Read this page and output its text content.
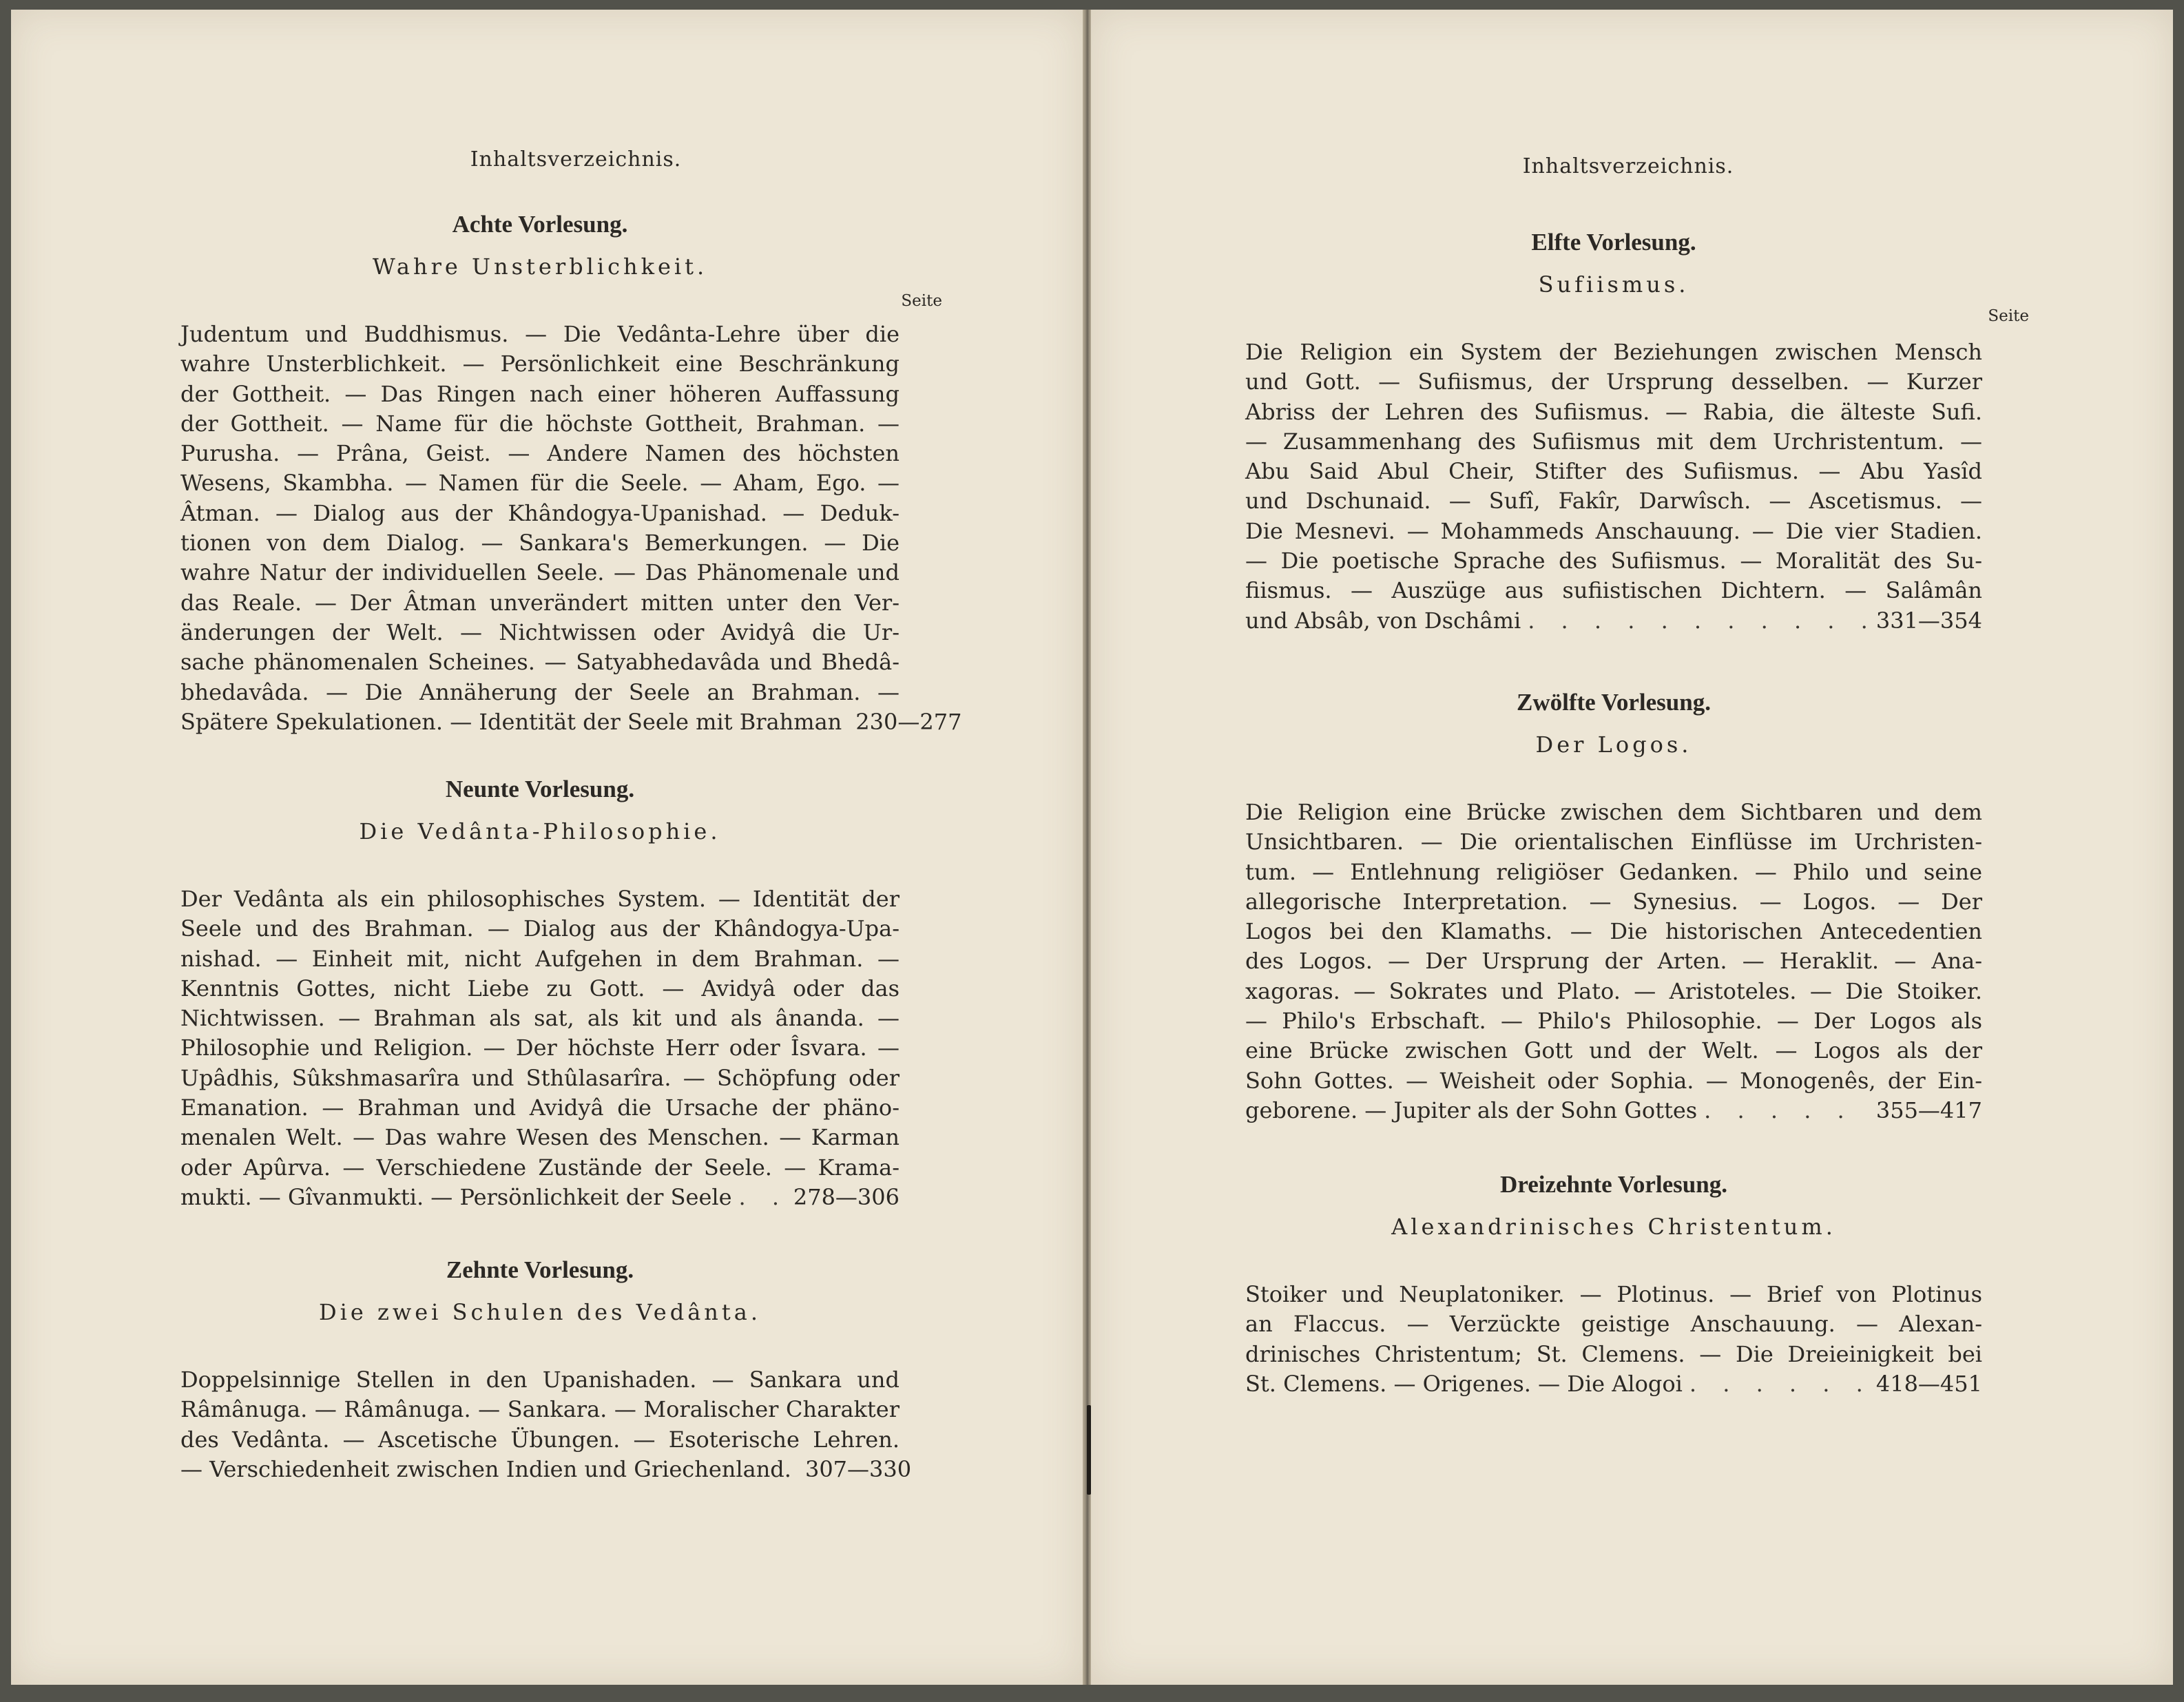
Inhaltsverzeichnis.
Achte Vorlesung.
Wahre Unsterblichkeit.
Seite
Judentum und Buddhismus. — Die Vedânta-Lehre über die
wahre Unsterblichkeit. — Persönlichkeit eine Beschränkung
der Gottheit. — Das Ringen nach einer höheren Auffassung
der Gottheit. — Name für die höchste Gottheit, Brahman. —
Purusha. — Prâna, Geist. — Andere Namen des höchsten
Wesens, Skambha. — Namen für die Seele. — Aham, Ego. —
Âtman. — Dialog aus der Khândogya-Upanishad. — Deduk-
tionen von dem Dialog. — Sankara's Bemerkungen. — Die
wahre Natur der individuellen Seele. — Das Phänomenale und
das Reale. — Der Âtman unverändert mitten unter den Ver-
änderungen der Welt. — Nichtwissen oder Avidyâ die Ur-
sache phänomenalen Scheines. — Satyabhedavâda und Bhedâ-
bhedavâda. — Die Annäherung der Seele an Brahman. —
Spätere Spekulationen. — Identität der Seele mit Brahman 230—277
Neunte Vorlesung.
Die Vedânta-Philosophie.
Der Vedânta als ein philosophisches System. — Identität der
Seele und des Brahman. — Dialog aus der Khândogya-Upa-
nishad. — Einheit mit, nicht Aufgehen in dem Brahman. —
Kenntnis Gottes, nicht Liebe zu Gott. — Avidyâ oder das
Nichtwissen. — Brahman als sat, als kit und als ânanda. —
Philosophie und Religion. — Der höchste Herr oder Îsvara. —
Upâdhis, Sûkshmasarîra und Sthûlasarîra. — Schöpfung oder
Emanation. — Brahman und Avidyâ die Ursache der phäno-
menalen Welt. — Das wahre Wesen des Menschen. — Karman
oder Apûrva. — Verschiedene Zustände der Seele. — Krama-
mukti. — Gîvanmukti. — Persönlichkeit der Seele . . .	278—306
Zehnte Vorlesung.
Die zwei Schulen des Vedânta.
Doppelsinnige Stellen in den Upanishaden. — Sankara und
Râmânuga. — Râmânuga. — Sankara. — Moralischer Charakter
des Vedânta. — Ascetische Übungen. — Esoterische Lehren.
— Verschiedenheit zwischen Indien und Griechenland. 307—330
Inhaltsverzeichnis.
Elfte Vorlesung.
Sufiismus.
Seite
Die Religion ein System der Beziehungen zwischen Mensch
und Gott. — Sufiismus, der Ursprung desselben. — Kurzer
Abriss der Lehren des Sufiismus. — Rabia, die älteste Sufi.
— Zusammenhang des Sufiismus mit dem Urchristentum. —
Abu Said Abul Cheir, Stifter des Sufiismus. — Abu Yasîd
und Dschunaid. — Sufî, Fakîr, Darwîsch. — Ascetismus. —
Die Mesnevi. — Mohammeds Anschauung. — Die vier Stadien.
— Die poetische Sprache des Sufiismus. — Moralität des Su-
fiismus. — Auszüge aus sufiistischen Dichtern. — Salâmân
und Absâb, von Dschâmi . . .	331—354
Zwölfte Vorlesung.
Der Logos.
Die Religion eine Brücke zwischen dem Sichtbaren und dem
Unsichtbaren. — Die orientalischen Einflüsse im Urchristen-
tum. — Entlehnung religiöser Gedanken. — Philo und seine
allegorische Interpretation. — Synesius. — Logos. — Der
Logos bei den Klamaths. — Die historischen Antecedentien
des Logos. — Der Ursprung der Arten. — Heraklit. — Ana-
xagoras. — Sokrates und Plato. — Aristoteles. — Die Stoiker.
— Philo's Erbschaft. — Philo's Philosophie. — Der Logos als
eine Brücke zwischen Gott und der Welt. — Logos als der
Sohn Gottes. — Weisheit oder Sophia. — Monogenês, der Ein-
geborene. — Jupiter als der Sohn Gottes . . .	355—417
Dreizehnte Vorlesung.
Alexandrinisches Christentum.
Stoiker und Neuplatoniker. — Plotinus. — Brief von Plotinus
an Flaccus. — Verzückte geistige Anschauung. — Alexan-
drinisches Christentum; St. Clemens. — Die Dreieinigkeit bei
St. Clemens. — Origenes. — Die Alogoi . . .	418—451
